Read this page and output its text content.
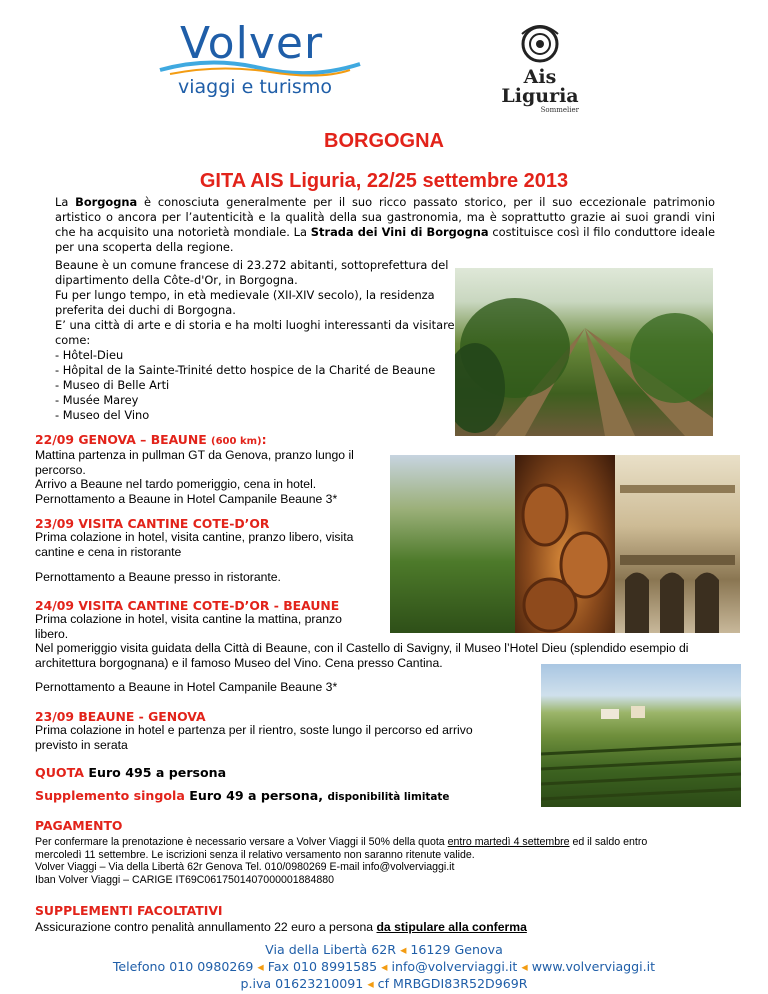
Volver
viaggi e turismo	Ais
Liguria
Sommelier
BORGOGNA
GITA AIS Liguria, 22/25 settembre 2013
La Borgogna è conosciuta generalmente per il suo ricco passato storico, per il suo eccezionale patrimonio artistico o ancora per l’autenticità e la qualità della sua gastronomia, ma è soprattutto grazie ai suoi grandi vini che ha acquisito una notorietà mondiale. La Strada dei Vini di Borgogna costituisce così il filo conduttore ideale per una scoperta della regione.
Beaune è un comune francese di 23.272 abitanti, sottoprefettura del
dipartimento della Côte-d'Or, in Borgogna.
Fu per lungo tempo, in età medievale (XII-XIV secolo), la residenza
preferita dei duchi di Borgogna.
E’ una città di arte e di storia e ha molti luoghi interessanti da visitare
come:
- Hôtel-Dieu
- Hôpital de la Sainte-Trinité detto hospice de la Charité de Beaune
- Museo di Belle Arti
- Musée Marey
- Museo del Vino
22/09 GENOVA – BEAUNE (600 km):
Mattina partenza in pullman GT da Genova, pranzo lungo il
percorso.
Arrivo a Beaune nel tardo pomeriggio, cena in hotel.
Pernottamento a Beaune in Hotel Campanile Beaune 3*
23/09 VISITA CANTINE COTE-D’OR
Prima colazione in hotel, visita cantine, pranzo libero, visita
cantine e cena in ristorante
Pernottamento a Beaune presso in ristorante.
24/09 VISITA CANTINE COTE-D’OR - BEAUNE
Prima colazione in hotel, visita cantine la mattina, pranzo
libero.
Nel pomeriggio visita guidata della Città di Beaune, con il Castello di Savigny, il Museo l’Hotel Dieu (splendido esempio di
architettura borgognana) e il famoso Museo del Vino. Cena presso Cantina.
Pernottamento a Beaune in Hotel Campanile Beaune 3*
23/09 BEAUNE - GENOVA
Prima colazione in hotel e partenza per il rientro, soste lungo il percorso ed arrivo
previsto in serata
QUOTA Euro 495 a persona
Supplemento singola Euro 49 a persona, disponibilità limitate
PAGAMENTO
Per confermare la prenotazione è necessario versare a Volver Viaggi il 50% della quota entro martedì 4 settembre ed il saldo entro
mercoledì 11 settembre. Le iscrizioni senza il relativo versamento non saranno ritenute valide.
Volver Viaggi – Via della Libertà 62r Genova Tel. 010/0980269 E-mail info@volverviaggi.it
Iban Volver Viaggi – CARIGE IT69C0617501407000001884880
SUPPLEMENTI FACOLTATIVI
Assicurazione contro penalità annullamento 22 euro a persona da stipulare alla conferma
Via della Libertà 62R ◂ 16129 Genova
Telefono 010 0980269 ◂ Fax 010 8991585 ◂ info@volverviaggi.it ◂ www.volverviaggi.it
p.iva 01623210091 ◂ cf MRBGDI83R52D969R
